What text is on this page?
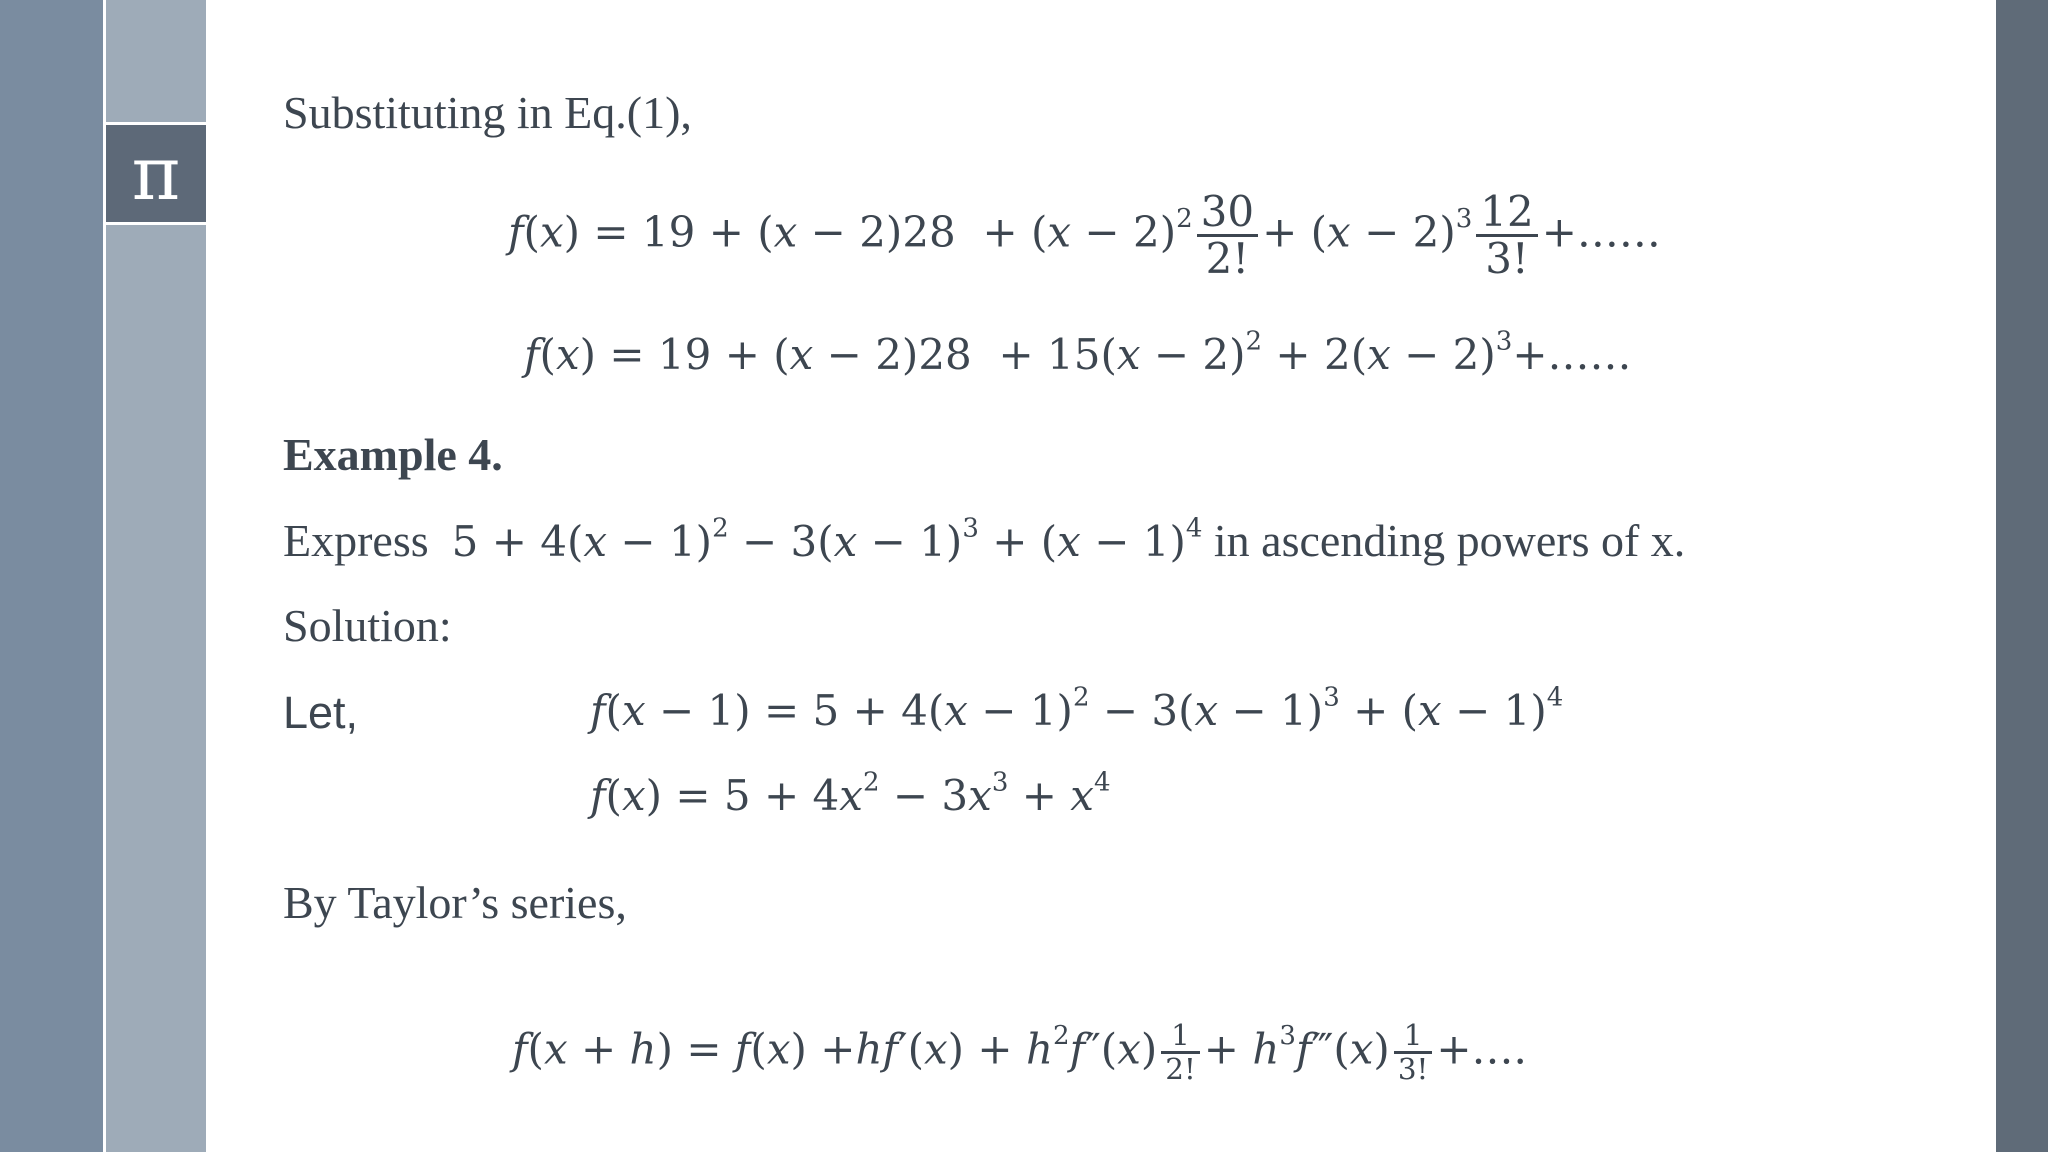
π
Substituting in Eq.(1),
$f(x) = 19 + (x - 2)28 + (x - 2)^2 \frac{30}{2!} + (x - 2)^3 \frac{12}{3!}$ +……
$f(x) = 19 + (x - 2)28 + 15(x - 2)^2 + 2(x$ − $2)^3+\dots\dots$
Example 4.
Express $5 + 4(x - 1)^2 - 3(x - 1)^3 + (x - 1)^4$ in ascending powers of x.
Solution:
Let,	$f(x - 1) = 5 + 4(x - 1)^2 - 3(x - 1)^3 + (x - 1)^4$
$f(x) = 5 + 4x^2 - 3x^3 + x^4$
By Taylor’s series,
$f(x + h) = f(x) +hf'(x) + h^2f''(x) \frac{1}{2!}$ + $h^3f‴(x) \frac{1}{3!}$ +….
